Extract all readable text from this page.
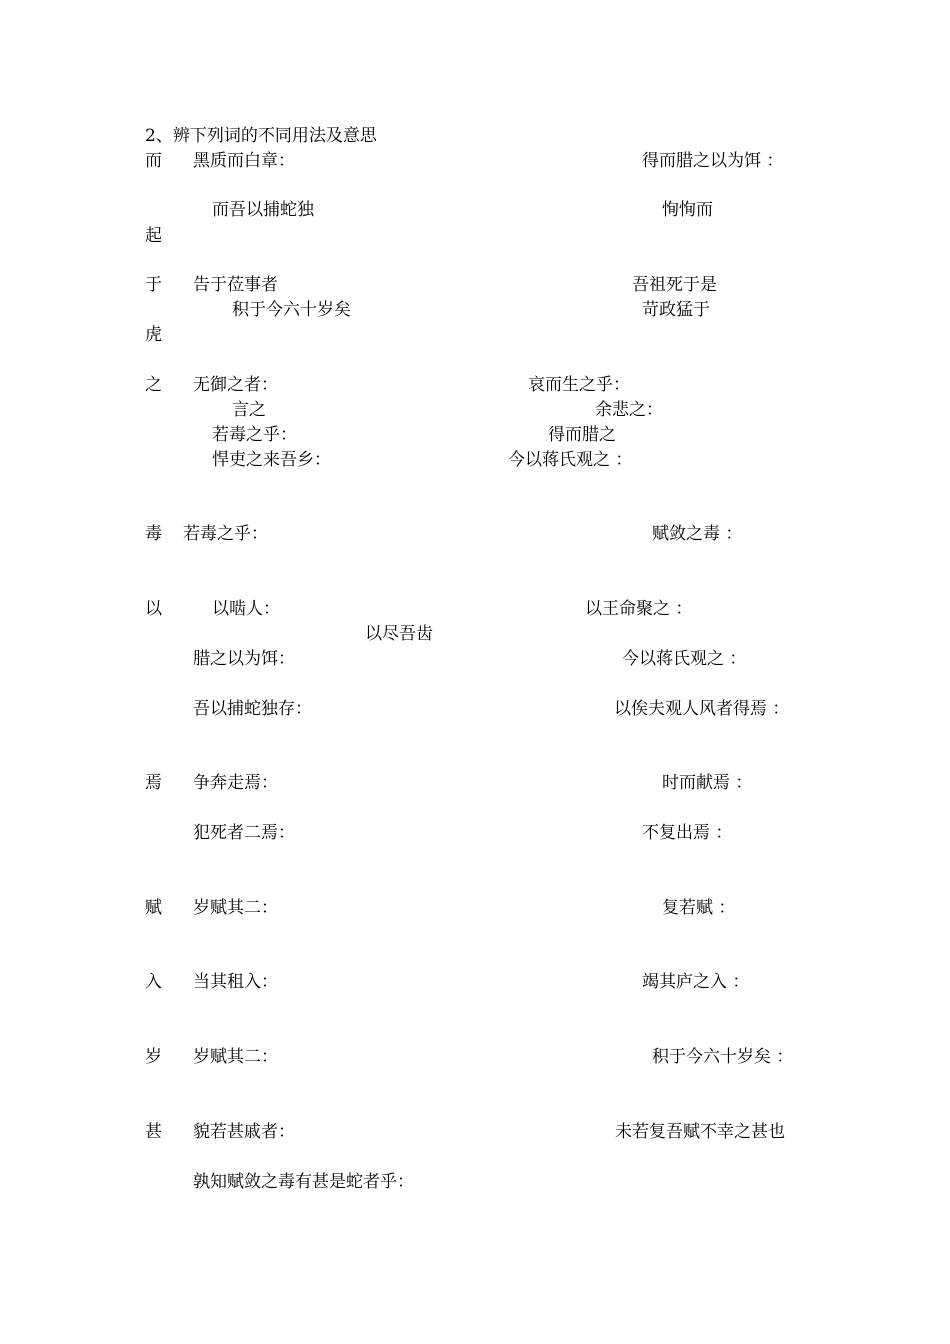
2、辨下列词的不同用法及意思
而 黑质而白章：	得而腊之以为饵 ：
而吾以捕蛇独	恂恂而
起
于 告于莅事者	吾祖死于是
积于今六十岁矣	苛政猛于
虎
之 无御之者：	哀而生之乎：
言之	余悲之：
若毒之乎：	得而腊之
悍吏之来吾乡：	今以蒋氏观之 ：
毒 若毒之乎：	赋敛之毒 ：
以	以啮人：	以王命聚之 ：
以尽吾齿
腊之以为饵：	今以蒋氏观之 ：
吾以捕蛇独存：	以俟夫观人风者得焉 ：
焉 争奔走焉：	时而献焉 ：
犯死者二焉：	不复出焉 ：
赋 岁赋其二：	复若赋 ：
入 当其租入：	竭其庐之入 ：
岁 岁赋其二：	积于今六十岁矣 ：
甚 貌若甚戚者：	未若复吾赋不幸之甚也
孰知赋敛之毒有甚是蛇者乎：
